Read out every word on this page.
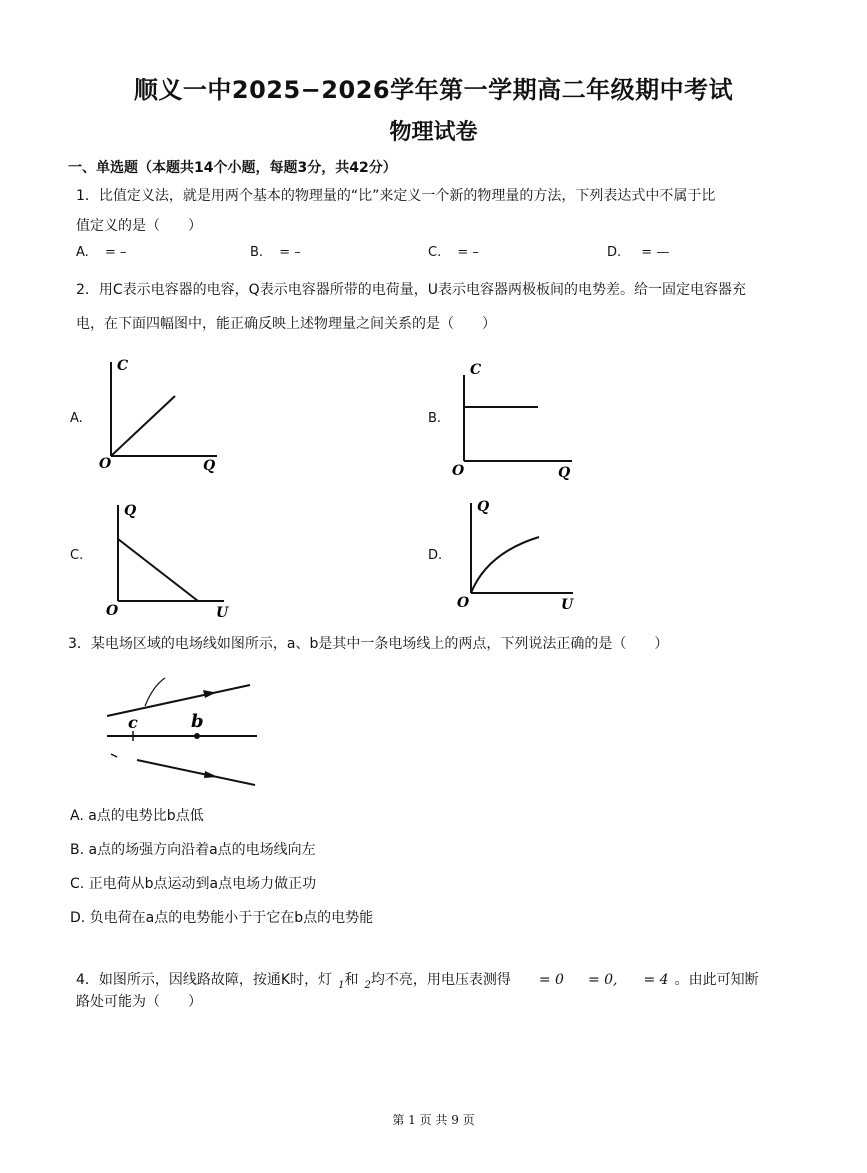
顺义一中2025−2026学年第一学期高二年级期中考试
物理试卷
一、单选题（本题共14个小题，每题3分，共42分）
1．比值定义法，就是用两个基本的物理量的“比”来定义一个新的物理量的方法，下列表达式中不属于比
值定义的是（　　）
A. = –	B. = –	C. = –	D. = —
2．用C表示电容器的电容，Q表示电容器所带的电荷量，U表示电容器两极板间的电势差。给一固定电容器充
电，在下面四幅图中，能正确反映上述物理量之间关系的是（　　）
A.
C
Q
O
B.
C
Q
O
C.
Q
U
O
D.
Q
U
O
3．某电场区域的电场线如图所示，a、b是其中一条电场线上的两点，下列说法正确的是（　　）
c	b
A. a点的电势比b点低
B. a点的场强方向沿着a点的电场线向左
C. 正电荷从b点运动到a点电场力做正功
D. 负电荷在a点的电势能小于于它在b点的电势能
4．如图所示，因线路故障，按通K时，灯 $_1$和 $_2$均不亮，用电压表测得 = 0 = 0, = 4 。由此可知断
路处可能为（　　）
第 1 页 共 9 页
